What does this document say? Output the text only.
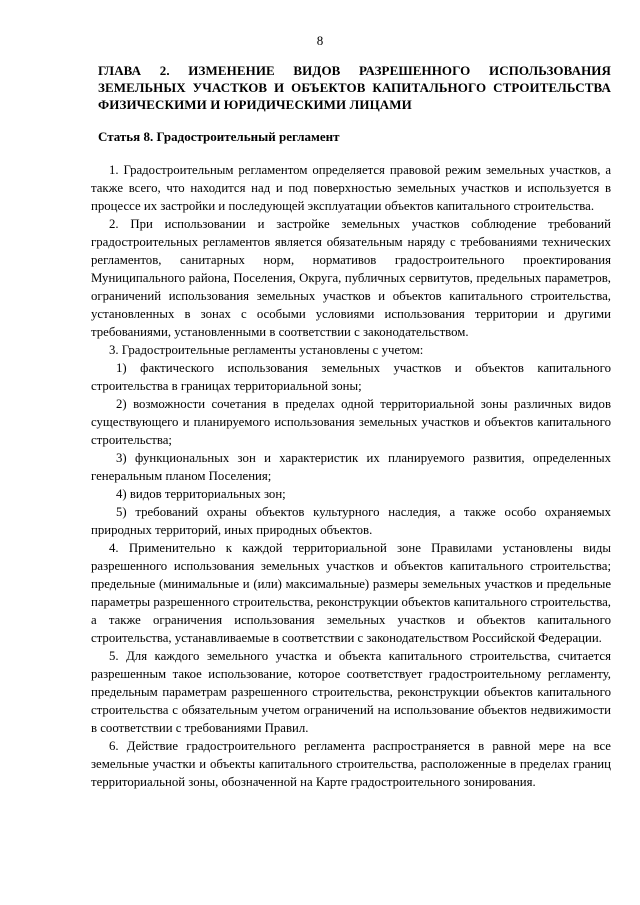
8

ГЛАВА 2. ИЗМЕНЕНИЕ ВИДОВ РАЗРЕШЕННОГО ИСПОЛЬЗОВАНИЯ ЗЕМЕЛЬНЫХ УЧАСТКОВ И ОБЪЕКТОВ КАПИТАЛЬНОГО СТРОИТЕЛЬСТВА ФИЗИЧЕСКИМИ И ЮРИДИЧЕСКИМИ ЛИЦАМИ

Статья 8. Градостроительный регламент

1. Градостроительным регламентом определяется правовой режим земельных участков, а также всего, что находится над и под поверхностью земельных участков и используется в процессе их застройки и последующей эксплуатации объектов капитального строительства.

2. При использовании и застройке земельных участков соблюдение требований градостроительных регламентов является обязательным наряду с требованиями технических регламентов, санитарных норм, нормативов градостроительного проектирования Муниципального района, Поселения, Округа, публичных сервитутов, предельных параметров, ограничений использования земельных участков и объектов капитального строительства, установленных в зонах с особыми условиями использования территории и другими требованиями, установленными в соответствии с законодательством.

3. Градостроительные регламенты установлены с учетом:

1) фактического использования земельных участков и объектов капитального строительства в границах территориальной зоны;

2) возможности сочетания в пределах одной территориальной зоны различных видов существующего и планируемого использования земельных участков и объектов капитального строительства;

3) функциональных зон и характеристик их планируемого развития, определенных генеральным планом Поселения;

4) видов территориальных зон;

5) требований охраны объектов культурного наследия, а также особо охраняемых природных территорий, иных природных объектов.

4. Применительно к каждой территориальной зоне Правилами установлены виды разрешенного использования земельных участков и объектов капитального строительства; предельные (минимальные и (или) максимальные) размеры земельных участков и предельные параметры разрешенного строительства, реконструкции объектов капитального строительства, а также ограничения использования земельных участков и объектов капитального строительства, устанавливаемые в соответствии с законодательством Российской Федерации.

5. Для каждого земельного участка и объекта капитального строительства, считается разрешенным такое использование, которое соответствует градостроительному регламенту, предельным параметрам разрешенного строительства, реконструкции объектов капитального строительства с обязательным учетом ограничений на использование объектов недвижимости в соответствии с требованиями Правил.

6. Действие градостроительного регламента распространяется в равной мере на все земельные участки и объекты капитального строительства, расположенные в пределах границ территориальной зоны, обозначенной на Карте градостроительного зонирования.
